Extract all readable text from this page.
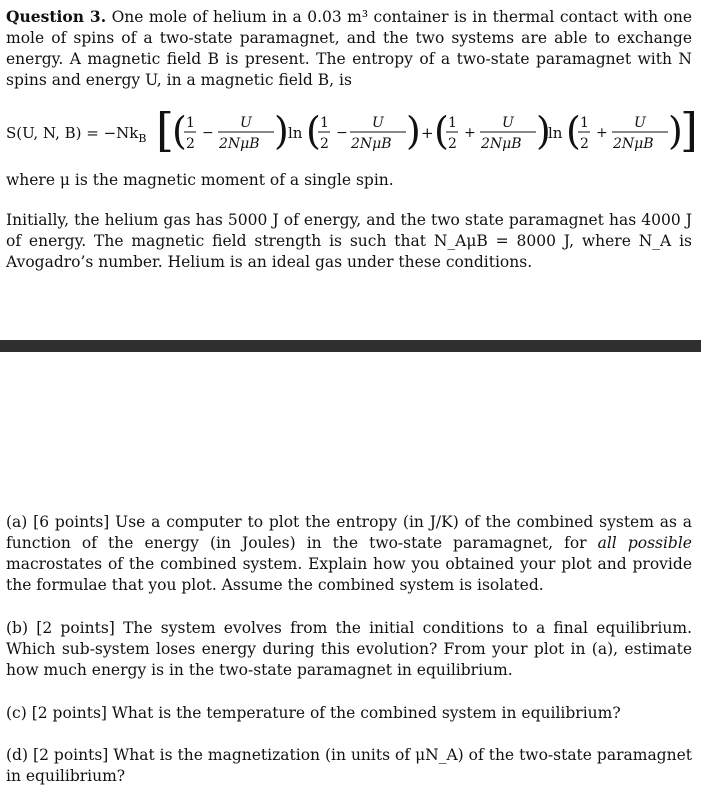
Question 3. One mole of helium in a 0.03 m³ container is in thermal contact with one mole of spins of a two-state paramagnet, and the two systems are able to exchange energy. A magnetic field B is present. The entropy of a two-state paramagnet with N spins and energy U, in a magnetic field B, is
S(U, N, $B) = -Nk_B$ [
( 1
2
−
U
2NμB ) ln ( 1
2
−
U
2NμB ) + ( 1
2
+
U
2NμB )
ln ( 1
2
+
U
2NμB ) ,
where μ is the magnetic moment of a single spin.
Initially, the helium gas has 5000 J of energy, and the two state paramagnet has 4000 J of energy. The magnetic field strength is such that N_AμB = 8000 J, where N_A is Avogadro’s number. Helium is an ideal gas under these conditions.
(a) [6 points] Use a computer to plot the entropy (in J/K) of the combined system as a function of the energy (in Joules) in the two-state paramagnet, for all possible macrostates of the combined system. Explain how you obtained your plot and provide the formulae that you plot. Assume the combined system is isolated.
(b) [2 points] The system evolves from the initial conditions to a final equilibrium. Which sub-system loses energy during this evolution? From your plot in (a), estimate how much energy is in the two-state paramagnet in equilibrium.
(c) [2 points] What is the temperature of the combined system in equilibrium?
(d) [2 points] What is the magnetization (in units of μN_A) of the two-state paramagnet in equilibrium?
